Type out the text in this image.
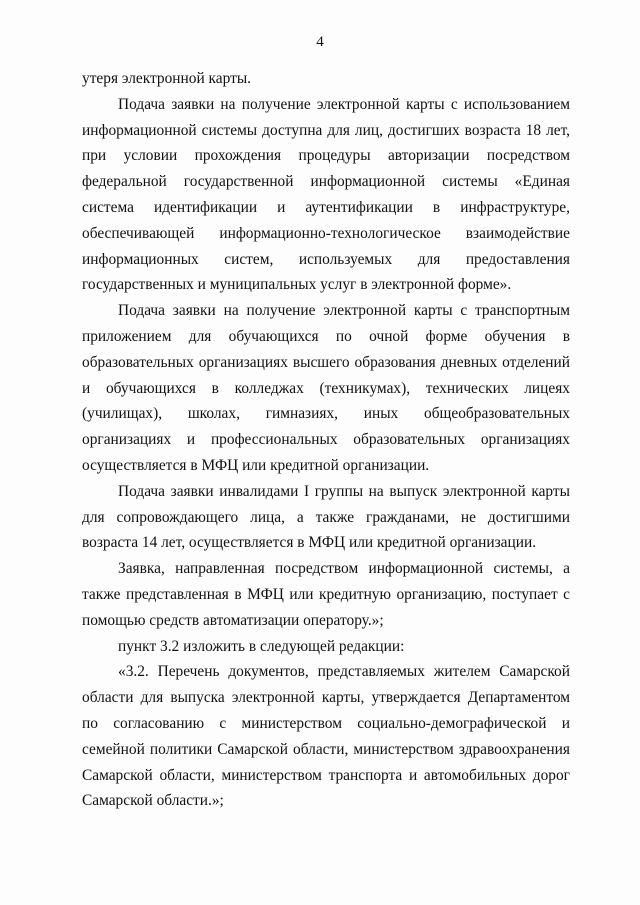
4

утеря электронной карты.

Подача заявки на получение электронной карты с использованием информационной системы доступна для лиц, достигших возраста 18 лет, при условии прохождения процедуры авторизации посредством федеральной государственной информационной системы «Единая система идентификации и аутентификации в инфраструктуре, обеспечивающей информационно-технологическое взаимодействие информационных систем, используемых для предоставления государственных и муниципальных услуг в электронной форме».

Подача заявки на получение электронной карты с транспортным приложением для обучающихся по очной форме обучения в образовательных организациях высшего образования дневных отделений и обучающихся в колледжах (техникумах), технических лицеях (училищах), школах, гимназиях, иных общеобразовательных организациях и профессиональных образовательных организациях осуществляется в МФЦ или кредитной организации.

Подача заявки инвалидами I группы на выпуск электронной карты для сопровождающего лица, а также гражданами, не достигшими возраста 14 лет, осуществляется в МФЦ или кредитной организации.

Заявка, направленная посредством информационной системы, а также представленная в МФЦ или кредитную организацию, поступает с помощью средств автоматизации оператору.»;

пункт 3.2 изложить в следующей редакции:

«3.2. Перечень документов, представляемых жителем Самарской области для выпуска электронной карты, утверждается Департаментом по согласованию с министерством социально-демографической и семейной политики Самарской области, министерством здравоохранения Самарской области, министерством транспорта и автомобильных дорог Самарской области.»;
